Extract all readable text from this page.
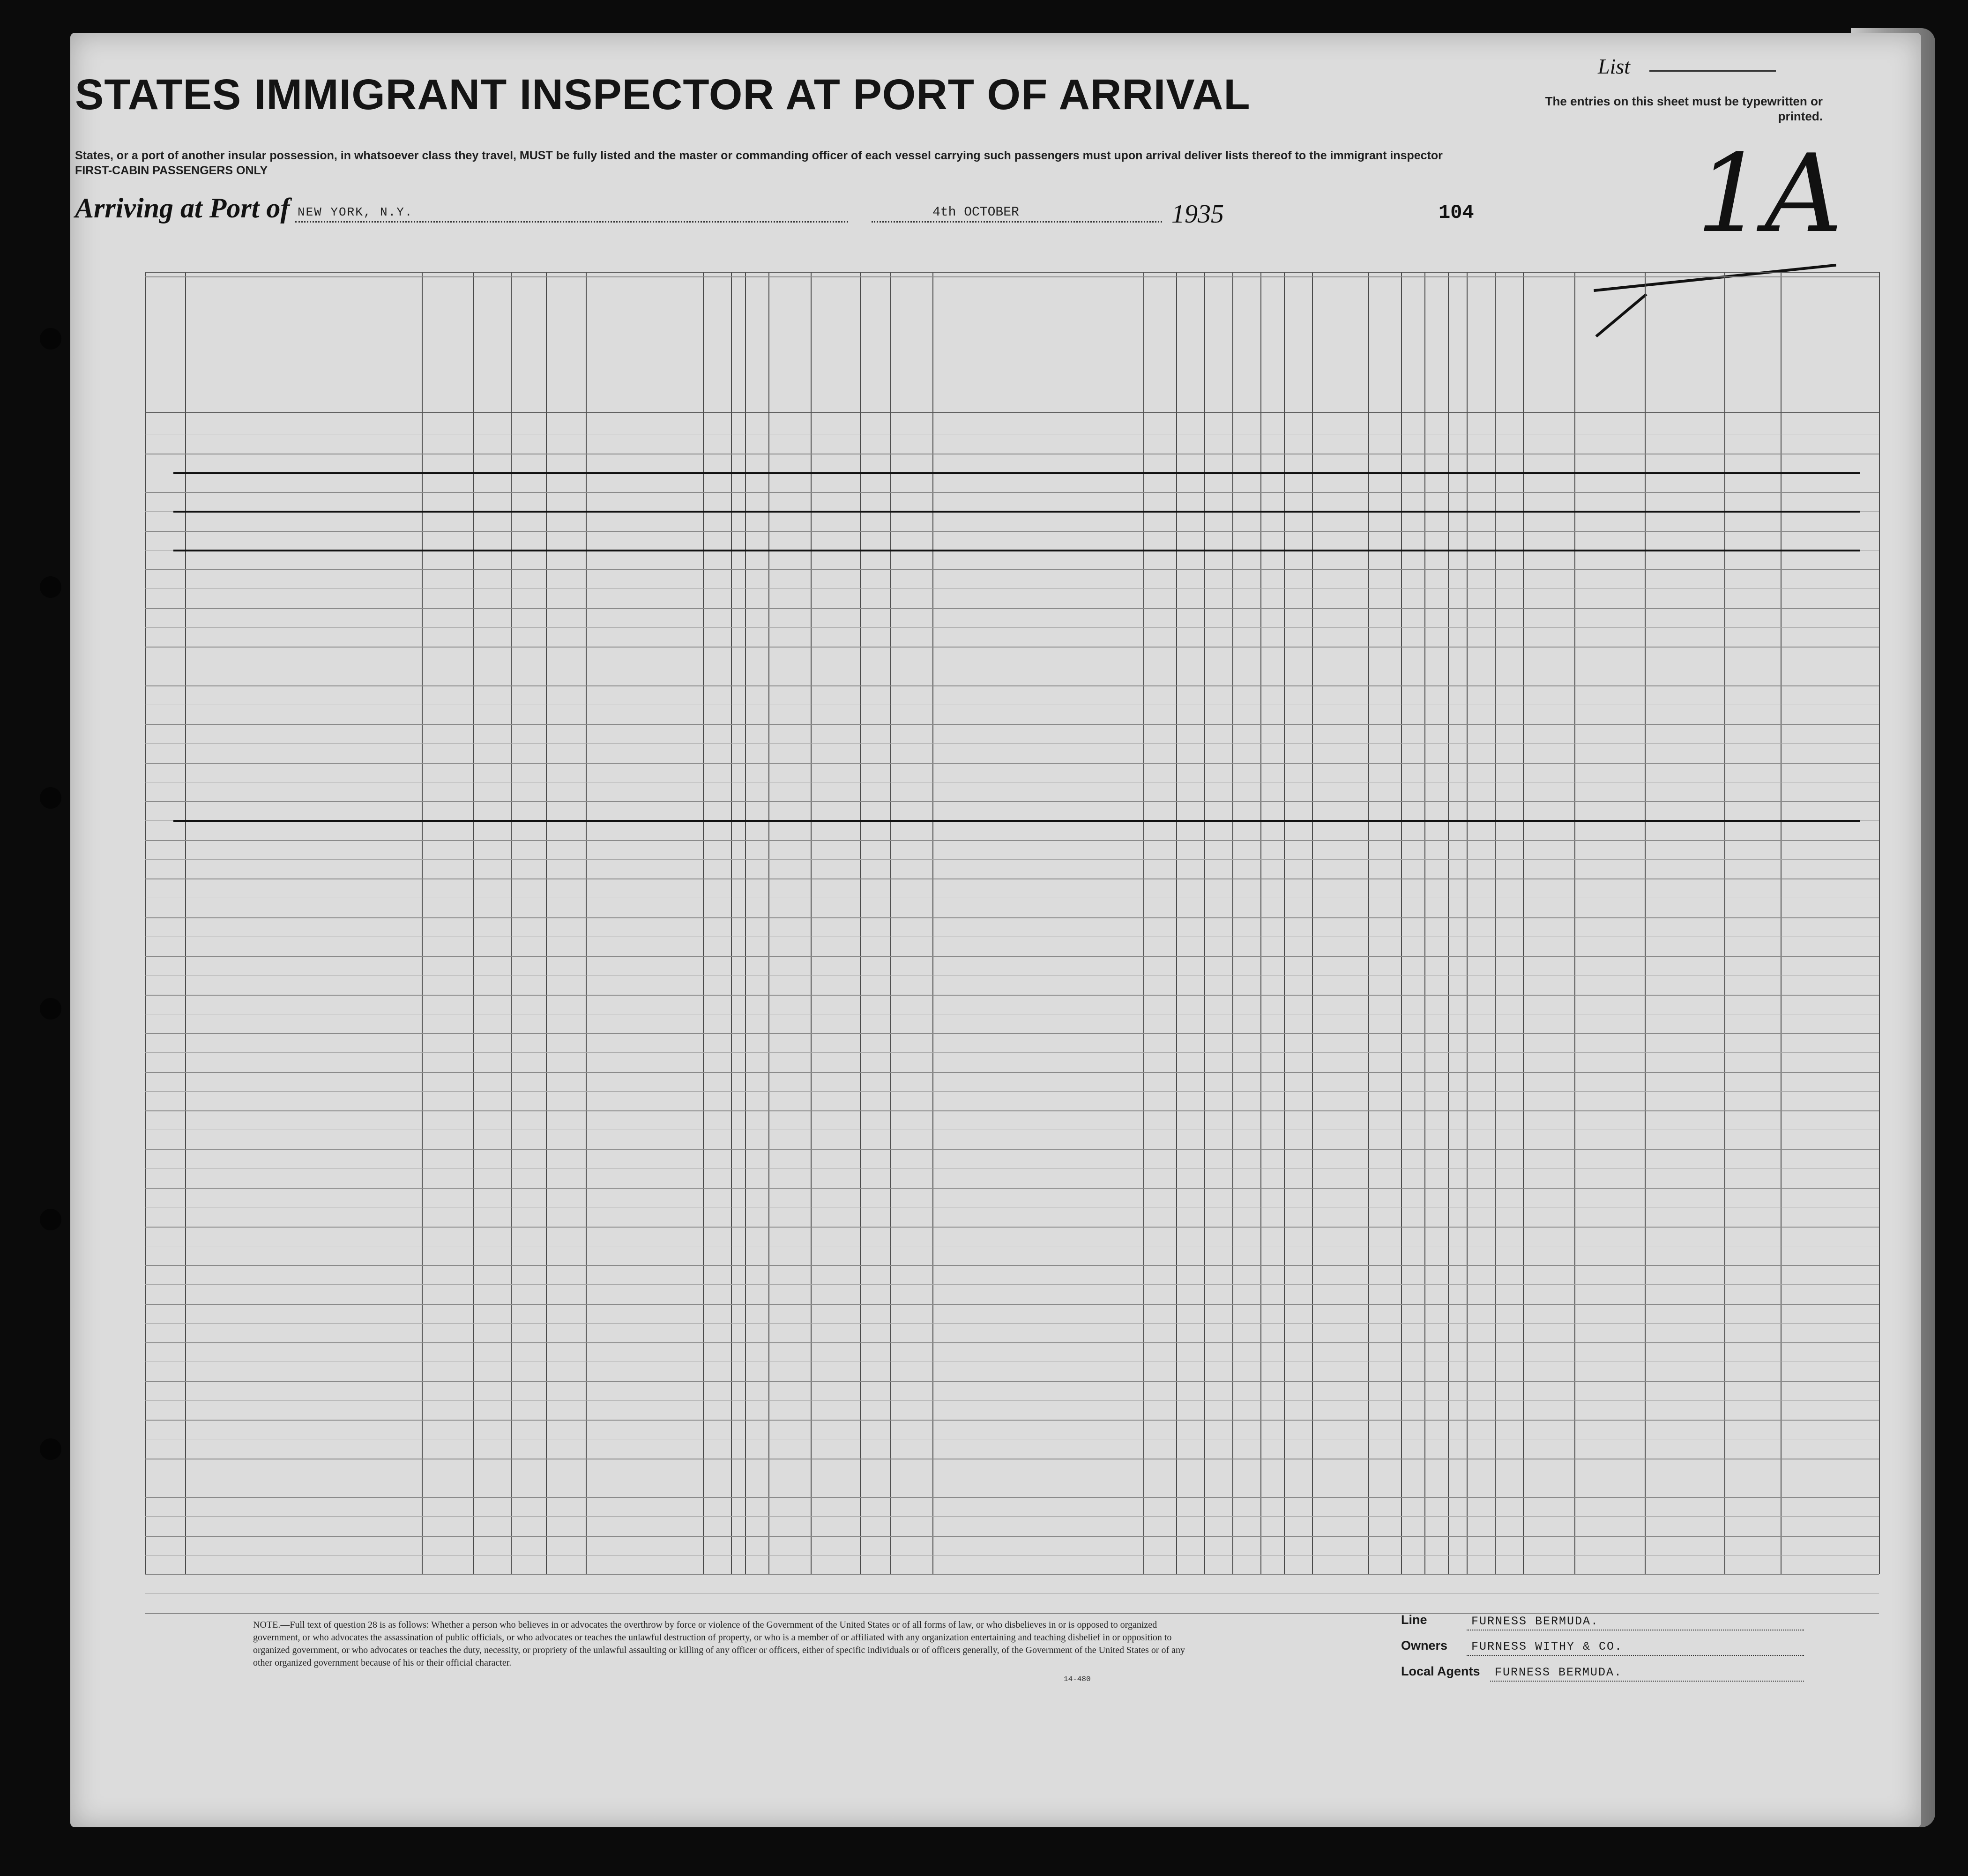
STATES IMMIGRANT INSPECTOR AT PORT OF ARRIVAL
States, or a port of another insular possession, in whatsoever class they travel, MUST be fully listed and the master or commanding officer of each vessel carrying such passengers must upon arrival deliver lists thereof to the immigrant inspector
FIRST-CABIN PASSENGERS ONLY
List
The entries on this sheet must be typewritten or printed.
Arriving at Port of NEW YORK, N.Y.	4th OCTOBER	1935	104 1A
NOTE.—Full text of question 28 is as follows: Whether a person who believes in or advocates the overthrow by force or violence of the Government of the United States or of all forms of law, or who disbelieves in or is opposed to organized government, or who advocates the assassination of public officials, or who advocates or teaches the unlawful destruction of property, or who is a member of or affiliated with any organization entertaining and teaching disbelief in or opposition to organized government, or who advocates or teaches the duty, necessity, or propriety of the unlawful assaulting or killing of any officer or officers, either of specific individuals or of officers generally, of the Government of the United States or of any other organized government because of his or their official character.
14-480
Line	FURNESS BERMUDA.
Owners FURNESS WITHY & CO.
Local Agents FURNESS BERMUDA.
